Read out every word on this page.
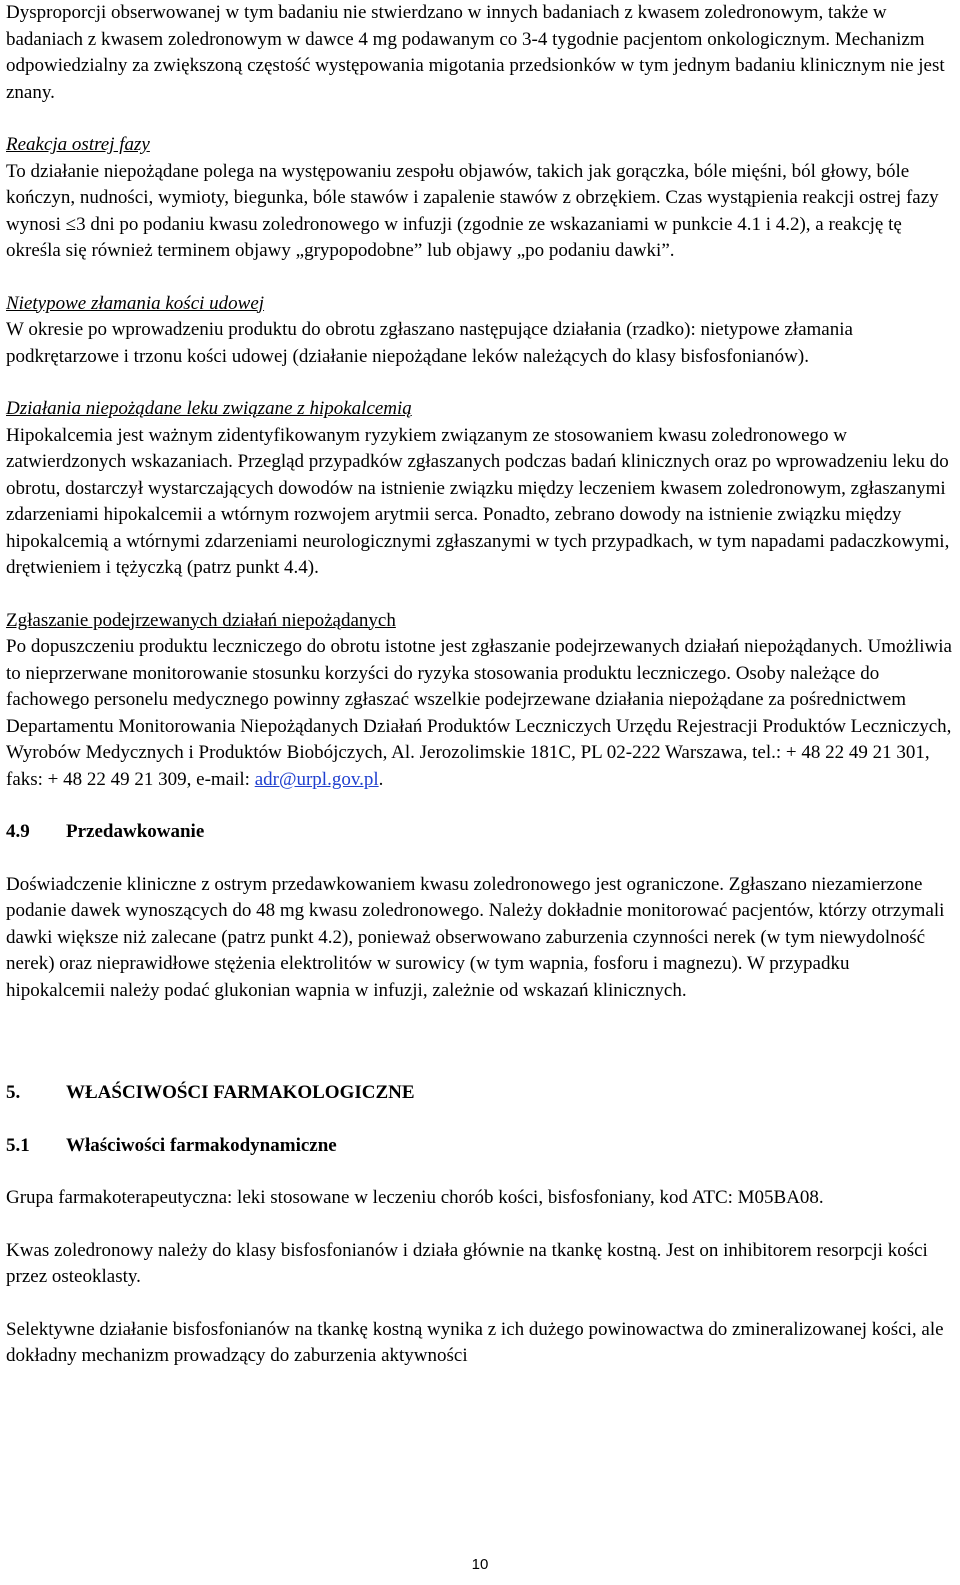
Dysproporcji obserwowanej w tym badaniu nie stwierdzano w innych badaniach z kwasem zoledronowym, także w badaniach z kwasem zoledronowym w dawce 4 mg podawanym co 3-4 tygodnie pacjentom onkologicznym. Mechanizm odpowiedzialny za zwiększoną częstość występowania migotania przedsionków w tym jednym badaniu klinicznym nie jest znany.

Reakcja ostrej fazy

To działanie niepożądane polega na występowaniu zespołu objawów, takich jak gorączka, bóle mięśni, ból głowy, bóle kończyn, nudności, wymioty, biegunka, bóle stawów i zapalenie stawów z obrzękiem. Czas wystąpienia reakcji ostrej fazy wynosi ≤3 dni po podaniu kwasu zoledronowego w infuzji (zgodnie ze wskazaniami w punkcie 4.1 i 4.2), a reakcję tę określa się również terminem objawy „grypopodobne” lub objawy „po podaniu dawki”.

Nietypowe złamania kości udowej

W okresie po wprowadzeniu produktu do obrotu zgłaszano następujące działania (rzadko): nietypowe złamania podkrętarzowe i trzonu kości udowej (działanie niepożądane leków należących do klasy bisfosfonianów).

Działania niepożądane leku związane z hipokalcemią

Hipokalcemia jest ważnym zidentyfikowanym ryzykiem związanym ze stosowaniem kwasu zoledronowego w zatwierdzonych wskazaniach. Przegląd przypadków zgłaszanych podczas badań klinicznych oraz po wprowadzeniu leku do obrotu, dostarczył wystarczających dowodów na istnienie związku między leczeniem kwasem zoledronowym, zgłaszanymi zdarzeniami hipokalcemii a wtórnym rozwojem arytmii serca. Ponadto, zebrano dowody na istnienie związku między hipokalcemią a wtórnymi zdarzeniami neurologicznymi zgłaszanymi w tych przypadkach, w tym napadami padaczkowymi, drętwieniem i tężyczką (patrz punkt 4.4).

Zgłaszanie podejrzewanych działań niepożądanych

Po dopuszczeniu produktu leczniczego do obrotu istotne jest zgłaszanie podejrzewanych działań niepożądanych. Umożliwia to nieprzerwane monitorowanie stosunku korzyści do ryzyka stosowania produktu leczniczego. Osoby należące do fachowego personelu medycznego powinny zgłaszać wszelkie podejrzewane działania niepożądane za pośrednictwem Departamentu Monitorowania Niepożądanych Działań Produktów Leczniczych Urzędu Rejestracji Produktów Leczniczych, Wyrobów Medycznych i Produktów Biobójczych, Al. Jerozolimskie 181C, PL 02-222 Warszawa, tel.: + 48 22 49 21 301, faks: + 48 22 49 21 309, e-mail: adr@urpl.gov.pl.

4.9 Przedawkowanie

Doświadczenie kliniczne z ostrym przedawkowaniem kwasu zoledronowego jest ograniczone. Zgłaszano niezamierzone podanie dawek wynoszących do 48 mg kwasu zoledronowego. Należy dokładnie monitorować pacjentów, którzy otrzymali dawki większe niż zalecane (patrz punkt 4.2), ponieważ obserwowano zaburzenia czynności nerek (w tym niewydolność nerek) oraz nieprawidłowe stężenia elektrolitów w surowicy (w tym wapnia, fosforu i magnezu). W przypadku hipokalcemii należy podać glukonian wapnia w infuzji, zależnie od wskazań klinicznych.

5. WŁAŚCIWOŚCI FARMAKOLOGICZNE

5.1 Właściwości farmakodynamiczne

Grupa farmakoterapeutyczna: leki stosowane w leczeniu chorób kości, bisfosfoniany, kod ATC: M05BA08.

Kwas zoledronowy należy do klasy bisfosfonianów i działa głównie na tkankę kostną. Jest on inhibitorem resorpcji kości przez osteoklasty.

Selektywne działanie bisfosfonianów na tkankę kostną wynika z ich dużego powinowactwa do zmineralizowanej kości, ale dokładny mechanizm prowadzący do zaburzenia aktywności

10
